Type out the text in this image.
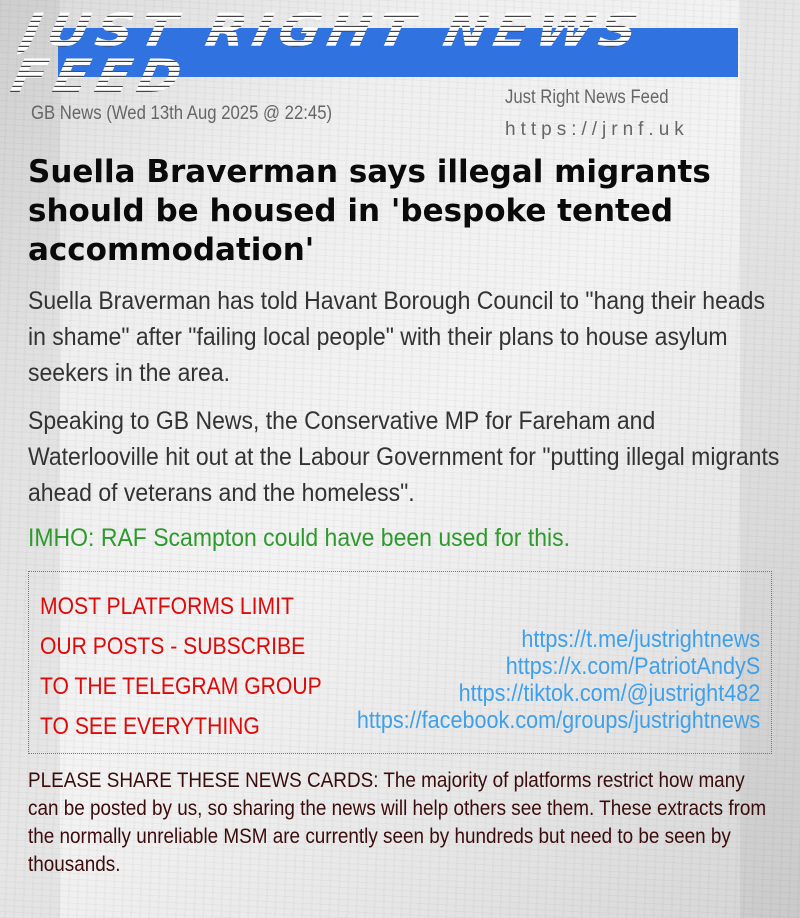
JUST RIGHT NEWS FEED
GB News (Wed 13th Aug 2025 @ 22:45)
Just Right News Feed
https://jrnf.uk
Suella Braverman says illegal migrants should be housed in 'bespoke tented accommodation'

Suella Braverman has told Havant Borough Council to "hang their heads in shame" after "failing local people" with their plans to house asylum seekers in the area.

Speaking to GB News, the Conservative MP for Fareham and Waterlooville hit out at the Labour Government for "putting illegal migrants ahead of veterans and the homeless".

IMHO: RAF Scampton could have been used for this.
MOST PLATFORMS LIMIT
OUR POSTS - SUBSCRIBE
TO THE TELEGRAM GROUP
TO SEE EVERYTHING
https://t.me/justrightnews
https://x.com/PatriotAndyS
https://tiktok.com/@justright482
https://facebook.com/groups/justrightnews

PLEASE SHARE THESE NEWS CARDS: The majority of platforms restrict how many can be posted by us, so sharing the news will help others see them. These extracts from the normally unreliable MSM are currently seen by hundreds but need to be seen by thousands.
